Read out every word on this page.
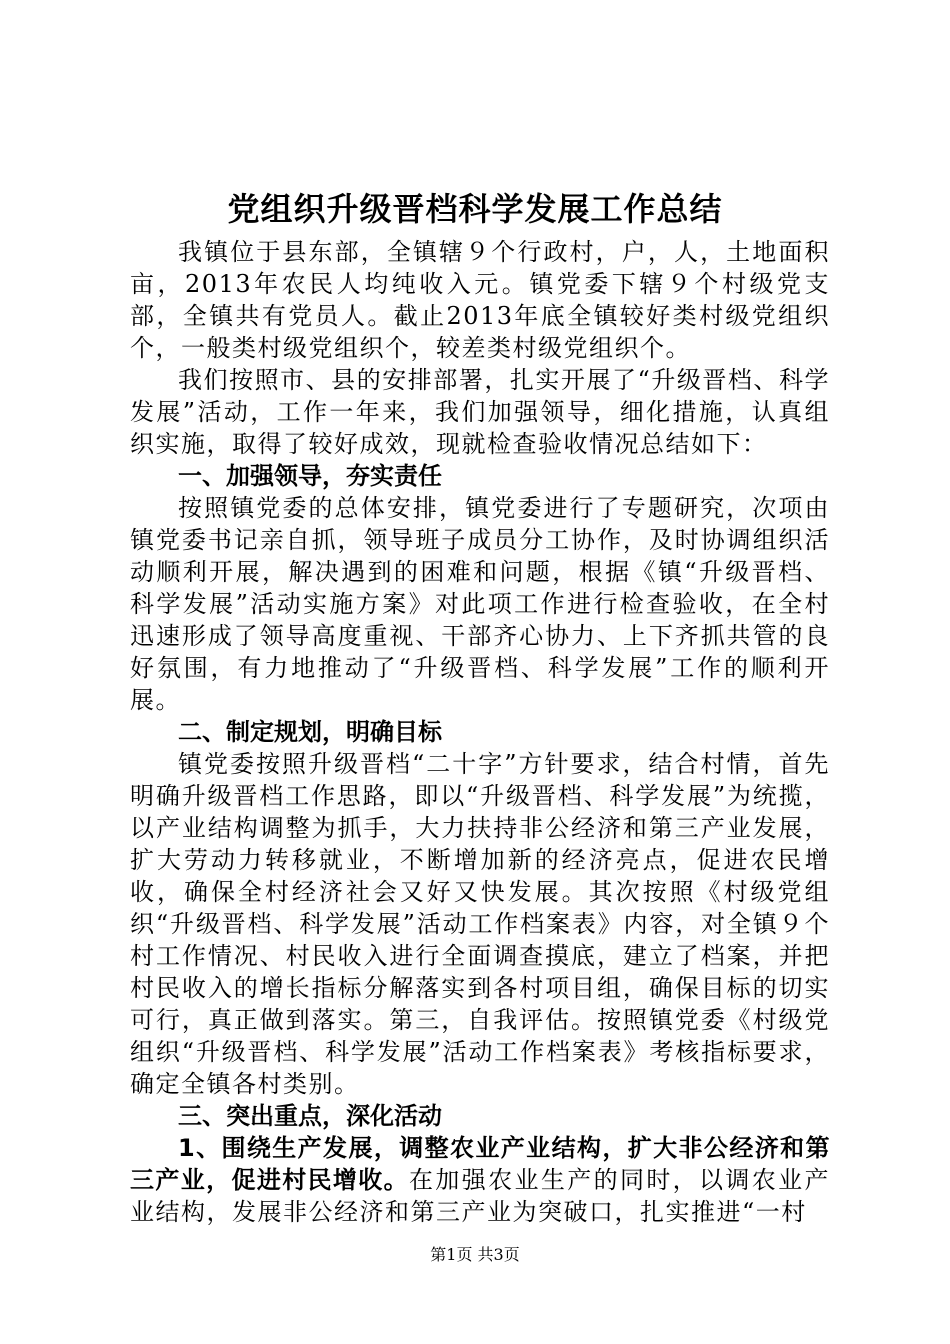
党组织升级晋档科学发展工作总结

我镇位于县东部，全镇辖９个行政村，户，人，土地面积亩，2013年农民人均纯收入元。镇党委下辖９个村级党支部，全镇共有党员人。截止2013年底全镇较好类村级党组织个，一般类村级党组织个，较差类村级党组织个。

我们按照市、县的安排部署，扎实开展了“升级晋档、科学发展”活动，工作一年来，我们加强领导，细化措施，认真组织实施，取得了较好成效，现就检查验收情况总结如下：

一、加强领导，夯实责任

按照镇党委的总体安排，镇党委进行了专题研究，次项由镇党委书记亲自抓，领导班子成员分工协作，及时协调组织活动顺利开展，解决遇到的困难和问题，根据《镇“升级晋档、科学发展”活动实施方案》对此项工作进行检查验收，在全村迅速形成了领导高度重视、干部齐心协力、上下齐抓共管的良好氛围，有力地推动了“升级晋档、科学发展”工作的顺利开展。

二、制定规划，明确目标

镇党委按照升级晋档“二十字”方针要求，结合村情，首先明确升级晋档工作思路，即以“升级晋档、科学发展”为统揽，以产业结构调整为抓手，大力扶持非公经济和第三产业发展，扩大劳动力转移就业，不断增加新的经济亮点，促进农民增收，确保全村经济社会又好又快发展。其次按照《村级党组织“升级晋档、科学发展”活动工作档案表》内容，对全镇９个村工作情况、村民收入进行全面调查摸底，建立了档案，并把村民收入的增长指标分解落实到各村项目组，确保目标的切实可行，真正做到落实。第三，自我评估。按照镇党委《村级党组织“升级晋档、科学发展”活动工作档案表》考核指标要求，确定全镇各村类别。

三、突出重点，深化活动

1、围绕生产发展，调整农业产业结构，扩大非公经济和第三产业，促进村民增收。在加强农业生产的同时，以调农业产业结构，发展非公经济和第三产业为突破口，扎实推进“一村

第1页 共3页
